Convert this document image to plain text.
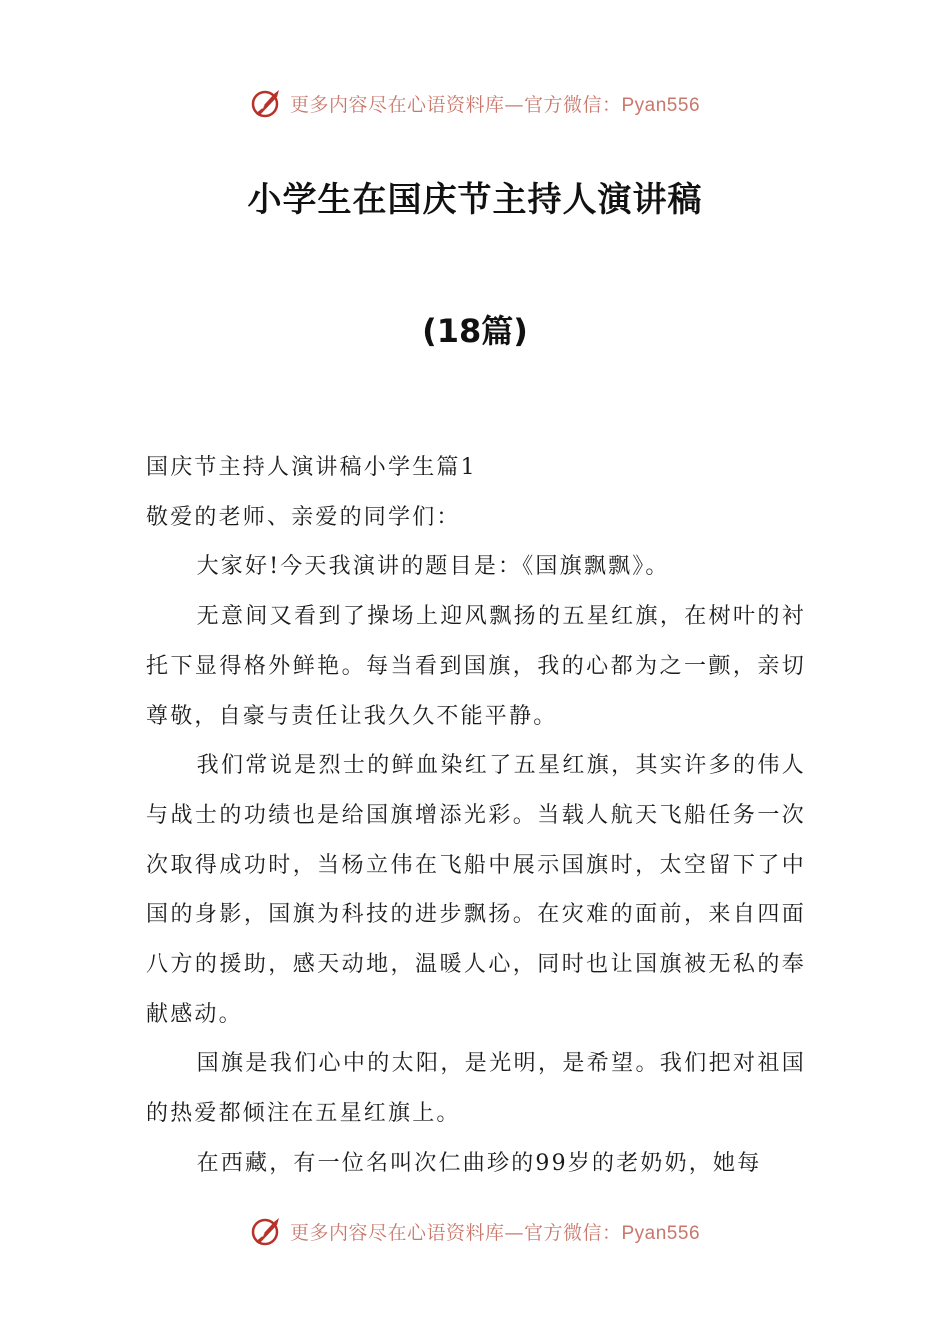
更多内容尽在心语资料库—官方微信：Pyan556
小学生在国庆节主持人演讲稿
(18篇)

国庆节主持人演讲稿小学生篇1

敬爱的老师、亲爱的同学们：

大家好!今天我演讲的题目是：《国旗飘飘》。

无意间又看到了操场上迎风飘扬的五星红旗，在树叶的衬托下显得格外鲜艳。每当看到国旗，我的心都为之一颤，亲切尊敬，自豪与责任让我久久不能平静。

我们常说是烈士的鲜血染红了五星红旗，其实许多的伟人与战士的功绩也是给国旗增添光彩。当载人航天飞船任务一次次取得成功时，当杨立伟在飞船中展示国旗时，太空留下了中国的身影，国旗为科技的进步飘扬。在灾难的面前，来自四面八方的援助，感天动地，温暖人心，同时也让国旗被无私的奉献感动。

国旗是我们心中的太阳，是光明，是希望。我们把对祖国的热爱都倾注在五星红旗上。

在西藏，有一位名叫次仁曲珍的99岁的老奶奶，她每

更多内容尽在心语资料库—官方微信：Pyan556
